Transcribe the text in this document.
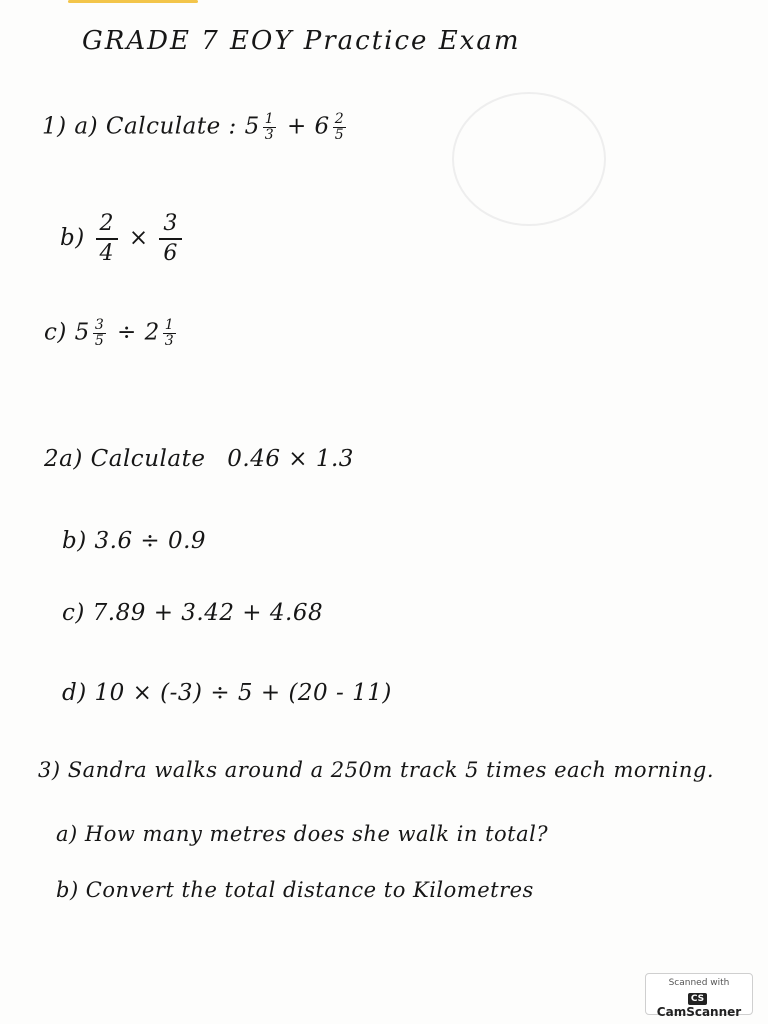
GRADE 7 EOY Practice Exam
1) a) Calculate : $5 \frac{1}{3} + 6 \frac{2}{5}$
$b) \frac{2}{4} \times \frac{3}{6}$
c) $5 \frac{3}{5} \div 2 \frac{1}{3}$
2a) Calculate 0.46 × 1.3
b) 3.6 ÷ 0.9
c) 7.89 + 3.42 + 4.68
d) 10 × (-3) ÷ 5 + (20 - 11)
3) Sandra walks around a 250m track 5 times each morning.
a) How many metres does she walk in total?
b) Convert the total distance to Kilometres
Scanned with
CSCamScanner
